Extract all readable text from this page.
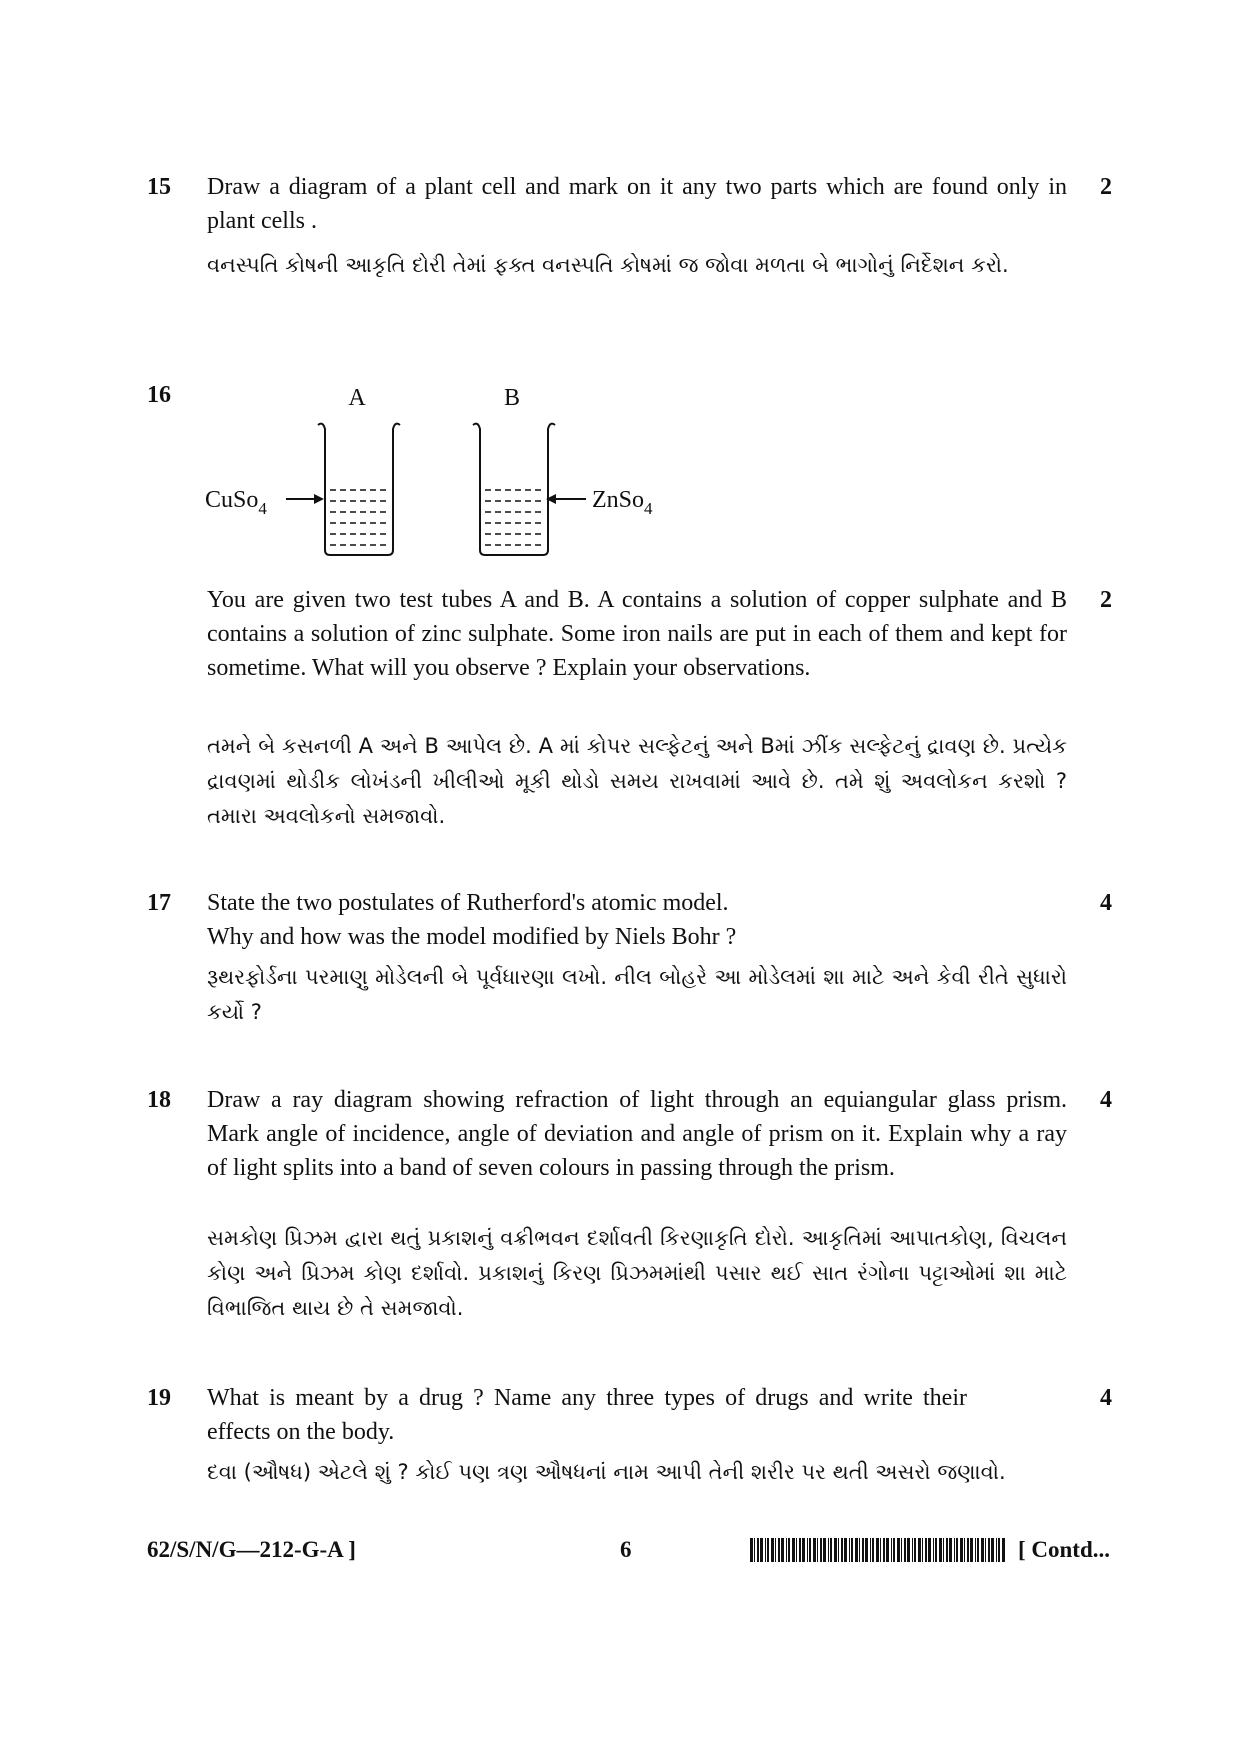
15	2
Draw a diagram of a plant cell and mark on it any two parts which are found only in plant cells .
વનસ્પતિ કોષની આકૃતિ દોરી તેમાં ફક્ત વનસ્પતિ કોષમાં જ જોવા મળતા બે ભાગોનું નિર્દેશન કરો.
16	A	B
CuSo$_4$	ZnSo$_4$
2
You are given two test tubes A and B. A contains a solution of copper sulphate and B contains a solution of zinc sulphate. Some iron nails are put in each of them and kept for sometime. What will you observe ? Explain your observations.
તમને બે કસનળી A અને B આપેલ છે. A માં કોપર સલ્ફેટનું અને Bમાં ઝીંક સલ્ફેટનું દ્રાવણ છે. પ્રત્યેક દ્રાવણમાં થોડીક લોખંડની ખીલીઓ મૂકી થોડો સમય રાખવામાં આવે છે. તમે શું અવલોકન કરશો ? તમારા અવલોકનો સમજાવો.
17	4
State the two postulates of Rutherford's atomic model.
Why and how was the model modified by Niels Bohr ?
રૂથરફોર્ડના પરમાણુ મોડેલની બે પૂર્વધારણા લખો. નીલ બોહરે આ મોડેલમાં શા માટે અને કેવી રીતે સુધારો કર્યો ?
18	4
Draw a ray diagram showing refraction of light through an equiangular glass prism. Mark angle of incidence, angle of deviation and angle of prism on it. Explain why a ray of light splits into a band of seven colours in passing through the prism.
સમકોણ પ્રિઝમ દ્વારા થતું પ્રકાશનું વક્રીભવન દર્શાવતી કિરણાકૃતિ દોરો. આકૃતિમાં આપાતકોણ, વિચલન કોણ અને પ્રિઝમ કોણ દર્શાવો. પ્રકાશનું કિરણ પ્રિઝમમાંથી પસાર થઈ સાત રંગોના પટ્ટાઓમાં શા માટે વિભાજિત થાય છે તે સમજાવો.
19	4
What is meant by a drug ? Name any three types of drugs and write their effects on the body.
દવા (ઔષધ) એટલે શું ? કોઈ પણ ત્રણ ઔષધનાં નામ આપી તેની શરીર પર થતી અસરો જણાવો.
62/S/N/G—212-G-A ]	6	[ Contd...
